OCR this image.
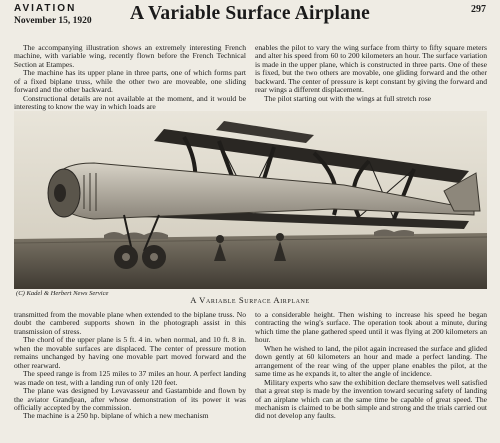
AVIATION
November 15, 1920	A Variable Surface Airplane	297

The accompanying illustration shows an extremely interesting French machine, with variable wing, recently flown before the French Technical Section at Etampes.

The machine has its upper plane in three parts, one of which forms part of a fixed biplane truss, while the other two are moveable, one sliding forward and the other backward.

Constructional details are not available at the moment, and it would be interesting to know the way in which loads are

enables the pilot to vary the wing surface from thirty to fifty square meters and alter his speed from 60 to 200 kilometers an hour. The surface variation is made in the upper plane, which is constructed in three parts. One of these is fixed, but the two others are movable, one gliding forward and the other backward. The center of pressure is kept constant by giving the forward and rear wings a different displacement.

The pilot starting out with the wings at full stretch rose

(C) Kadel & Herbert News Service
A Variable Surface Airplane

transmitted from the movable plane when extended to the biplane truss. No doubt the cambered supports shown in the photograph assist in this transmission of stress.

The chord of the upper plane is 5 ft. 4 in. when normal, and 10 ft. 8 in. when the movable surfaces are displaced. The center of pressure motion remains unchanged by having one movable part moved forward and the other rearward.

The speed range is from 125 miles to 37 miles an hour. A perfect landing was made on test, with a landing run of only 120 feet.

The plane was designed by Levavasseur and Gastambide and flown by the aviator Grandjean, after whose demonstration of its power it was officially accepted by the commission.

The machine is a 250 hp. biplane of which a new mechanism

to a considerable height. Then wishing to increase his speed he began contracting the wing's surface. The operation took about a minute, during which time the plane gathered speed until it was flying at 200 kilometers an hour.

When he wished to land, the pilot again increased the surface and glided down gently at 60 kilometers an hour and made a perfect landing. The arrangement of the rear wing of the upper plane enables the pilot, at the same time as he expands it, to alter the angle of incidence.

Military experts who saw the exhibition declare themselves well satisfied that a great step is made by the invention toward securing safety of landing of an airplane which can at the same time be capable of great speed. The mechanism is claimed to be both simple and strong and the trials carried out did not develop any faults.
